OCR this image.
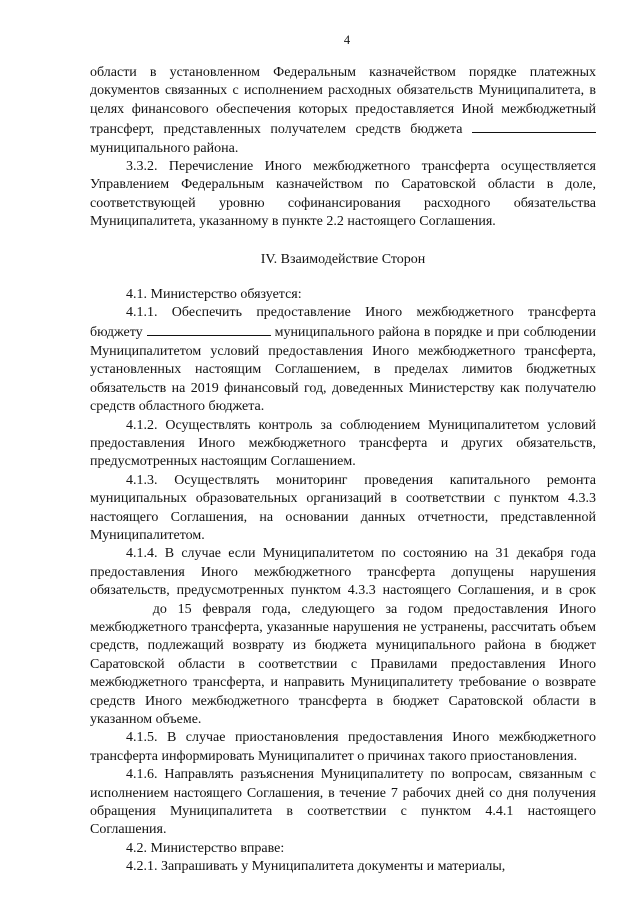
4

области в установленном Федеральным казначейством порядке платежных документов связанных с исполнением расходных обязательств Муниципалитета, в целях финансового обеспечения которых предоставляется Иной межбюджетный трансферт, представленных получателем средств бюджета  муниципального района.

3.3.2. Перечисление Иного межбюджетного трансферта осуществляется Управлением Федеральным казначейством по Саратовской области в доле, соответствующей уровню софинансирования расходного обязательства Муниципалитета, указанному в пункте 2.2 настоящего Соглашения.

IV. Взаимодействие Сторон

4.1. Министерство обязуется:

4.1.1. Обеспечить предоставление Иного межбюджетного трансферта бюджету	муниципального района в порядке и при соблюдении Муниципалитетом условий предоставления Иного межбюджетного трансферта, установленных настоящим Соглашением, в пределах лимитов бюджетных обязательств на 2019 финансовый год, доведенных Министерству как получателю средств областного бюджета.

4.1.2. Осуществлять контроль за соблюдением Муниципалитетом условий предоставления Иного межбюджетного трансферта и других обязательств, предусмотренных настоящим Соглашением.

4.1.3. Осуществлять мониторинг проведения капитального ремонта муниципальных образовательных организаций в соответствии с пунктом 4.3.3 настоящего Соглашения, на основании данных отчетности, представленной Муниципалитетом.

4.1.4. В случае если Муниципалитетом по состоянию на 31 декабря года предоставления Иного межбюджетного трансферта допущены нарушения обязательств, предусмотренных пунктом 4.3.3 настоящего Соглашения, и в срок  до 15 февраля года, следующего за годом предоставления Иного межбюджетного трансферта, указанные нарушения не устранены, рассчитать объем средств, подлежащий возврату из бюджета муниципального района в бюджет Саратовской области в соответствии с Правилами предоставления Иного межбюджетного трансферта, и направить Муниципалитету требование о возврате средств Иного межбюджетного трансферта в бюджет Саратовской области в указанном объеме.

4.1.5. В случае приостановления предоставления Иного межбюджетного трансферта информировать Муниципалитет о причинах такого приостановления.

4.1.6. Направлять разъяснения Муниципалитету по вопросам, связанным с исполнением настоящего Соглашения, в течение 7 рабочих дней со дня получения обращения Муниципалитета в соответствии с пунктом 4.4.1 настоящего Соглашения.

4.2. Министерство вправе:

4.2.1. Запрашивать у Муниципалитета документы и материалы,
